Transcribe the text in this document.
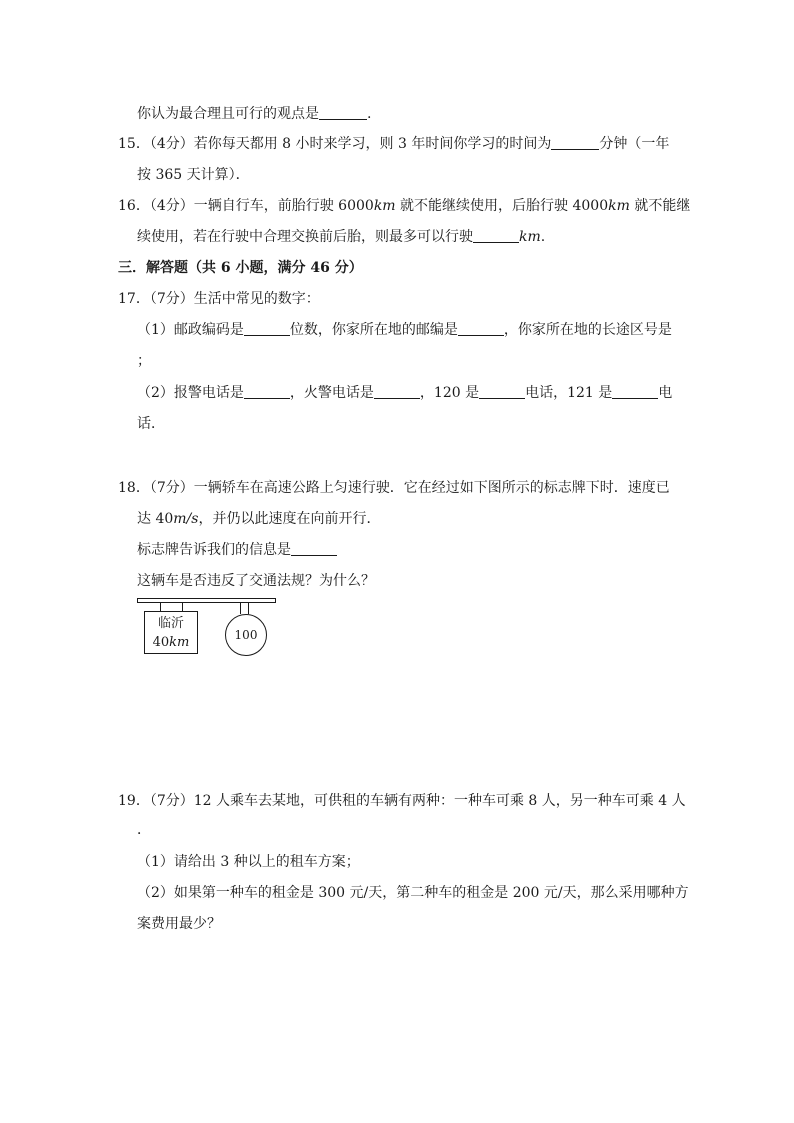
你认为最合理且可行的观点是	.
15．（4分）若你每天都用 8 小时来学习，则 3 年时间你学习的时间为	分钟（一年
按 365 天计算）．
16．（4分）一辆自行车，前胎行驶 6000km 就不能继续使用，后胎行驶 4000km 就不能继
续使用，若在行驶中合理交换前后胎，则最多可以行驶	km.
三．解答题（共 6 小题，满分 46 分）
17．（7分）生活中常见的数字：
（1）邮政编码是	位数，你家所在地的邮编是	，你家所在地的长途区号是
；
（2）报警电话是	，火警电话是	，120 是	电话，121 是	电
话．
18．（7分）一辆轿车在高速公路上匀速行驶．它在经过如下图所示的标志牌下时．速度已
达 40m/s，并仍以此速度在向前开行．
标志牌告诉我们的信息是
这辆车是否违反了交通法规？为什么？
临沂
40km	100
19．（7分）12 人乘车去某地，可供租的车辆有两种：一种车可乘 8 人，另一种车可乘 4 人
．
（1）请给出 3 种以上的租车方案；
（2）如果第一种车的租金是 300 元/天，第二种车的租金是 200 元/天，那么采用哪种方
案费用最少？
